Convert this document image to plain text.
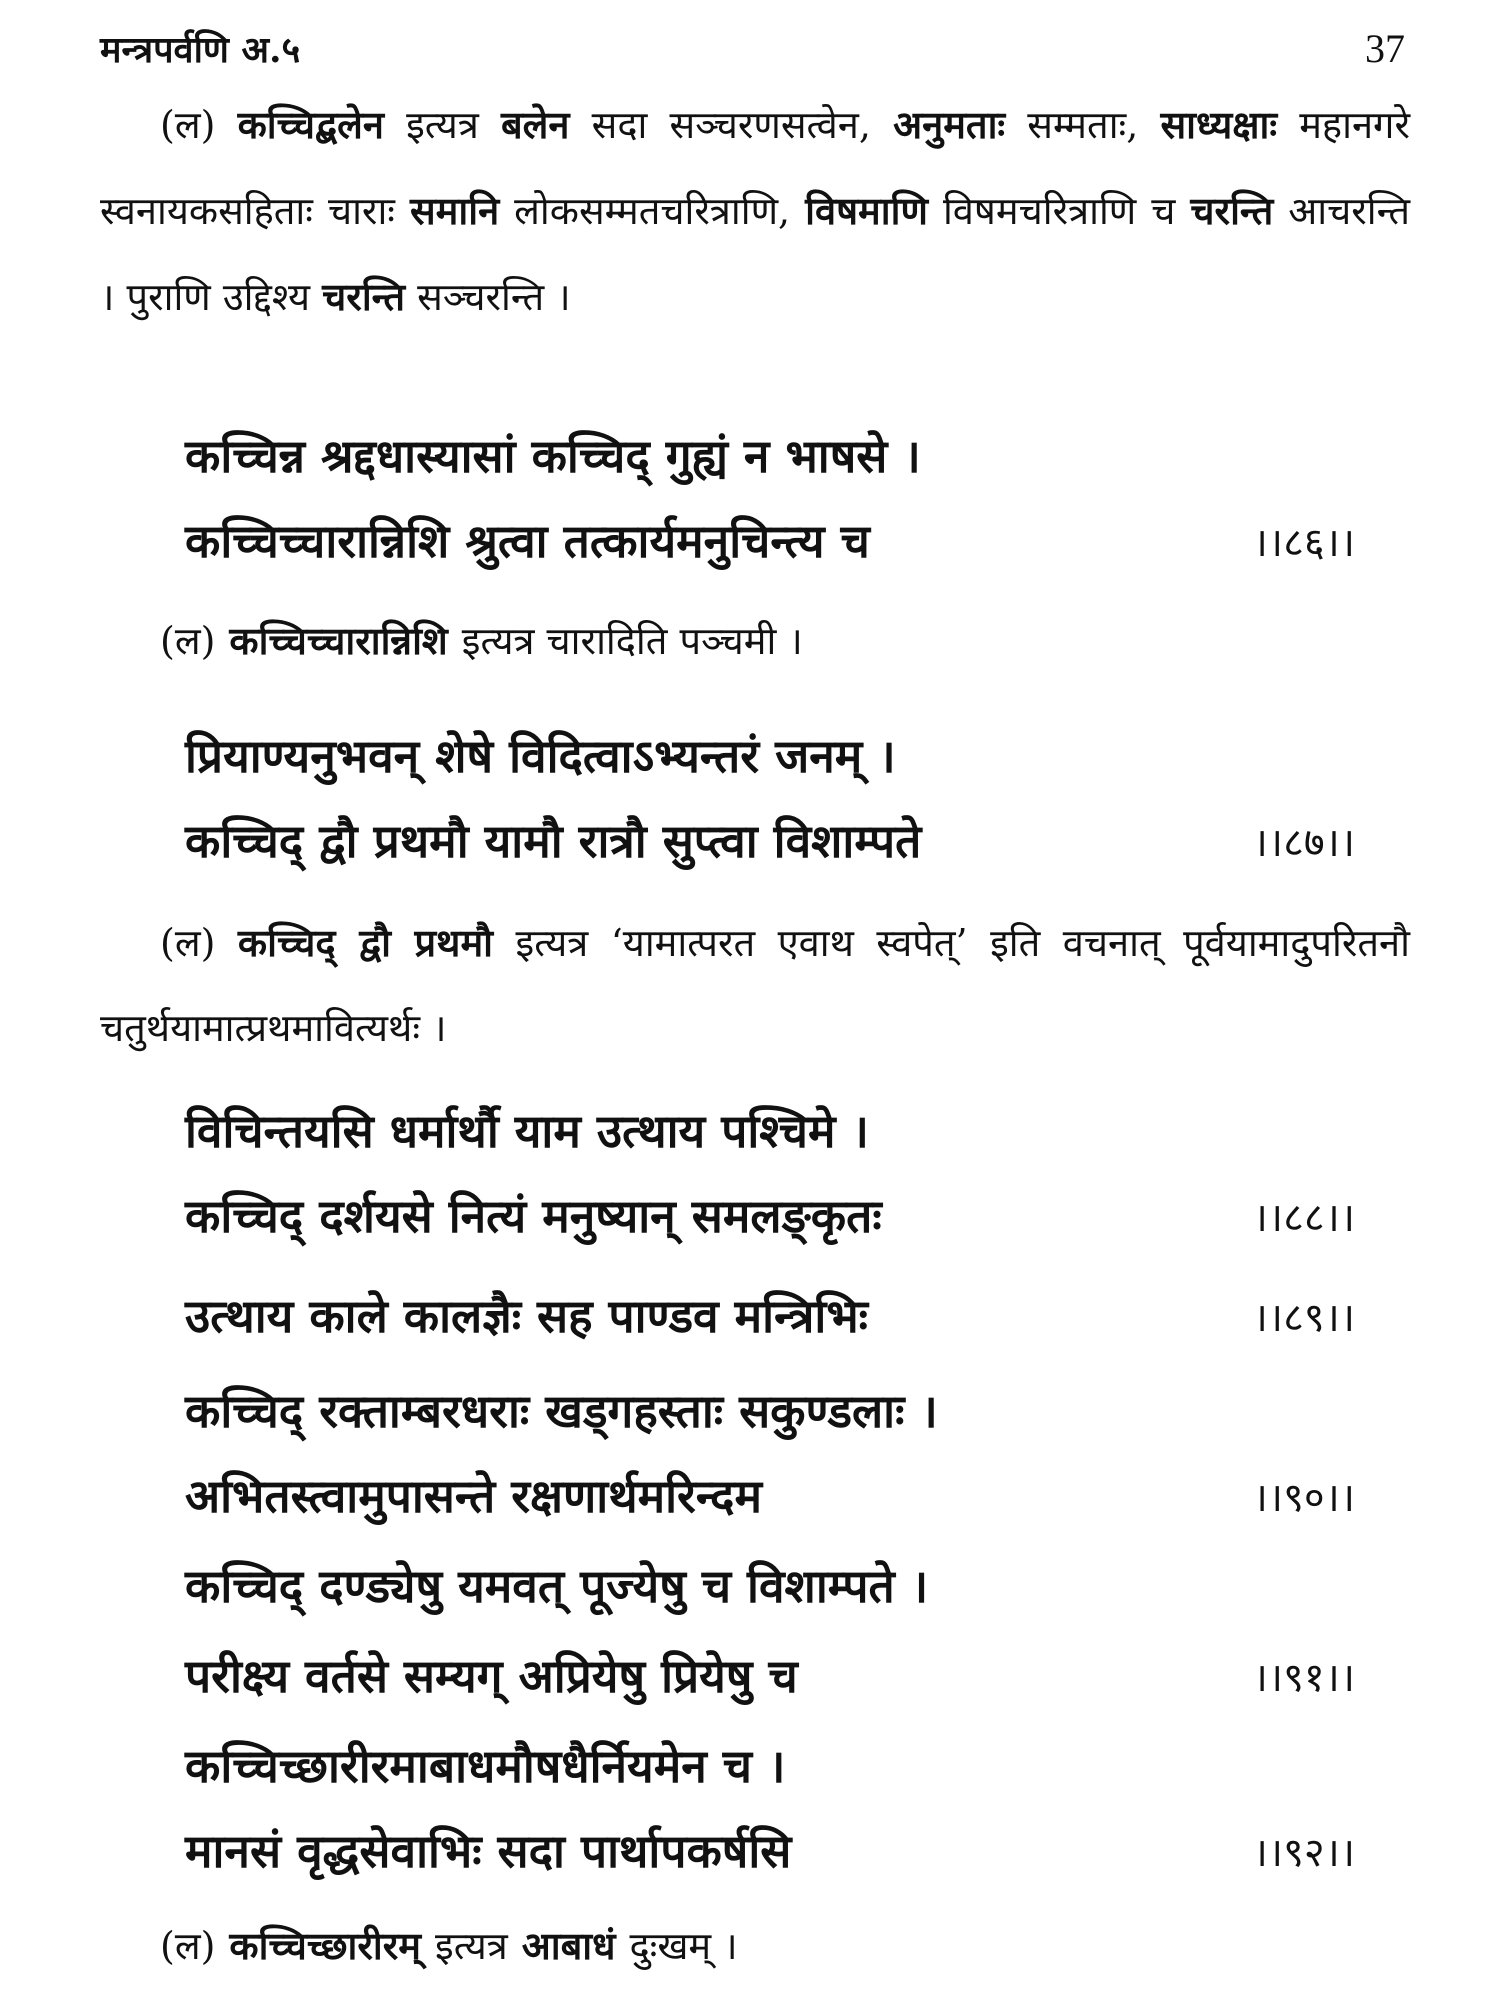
मन्त्रपर्वणि अ.५	37
(ल) कच्चिद्बलेन इत्यत्र बलेन सदा सञ्चरणसत्वेन, अनुमताः सम्मताः, साध्यक्षाः महानगरे स्वनायकसहिताः चाराः समानि लोकसम्मतचरित्राणि, विषमाणि विषमचरित्राणि च चरन्ति आचरन्ति । पुराणि उद्दिश्य चरन्ति सञ्चरन्ति ।
कच्चिन्न श्रद्दधास्यासां कच्चिद् गुह्यं न भाषसे ।
कच्चिच्चारान्निशि श्रुत्वा तत्कार्यमनुचिन्त्य च	।।८६।।
(ल) कच्चिच्चारान्निशि इत्यत्र चारादिति पञ्चमी ।
प्रियाण्यनुभवन् शेषे विदित्वाऽभ्यन्तरं जनम् ।
कच्चिद् द्वौ प्रथमौ यामौ रात्रौ सुप्त्वा विशाम्पते	।।८७।।
(ल) कच्चिद् द्वौ प्रथमौ इत्यत्र ‘यामात्परत एवाथ स्वपेत्’ इति वचनात् पूर्वयामादुपरितनौ चतुर्थयामात्प्रथमावित्यर्थः ।
विचिन्तयसि धर्मार्थौ याम उत्थाय पश्चिमे ।
कच्चिद् दर्शयसे नित्यं मनुष्यान् समलङ्कृतः	।।८८।।
उत्थाय काले कालज्ञैः सह पाण्डव मन्त्रिभिः	।।८९।।
कच्चिद् रक्ताम्बरधराः खड्गहस्ताः सकुण्डलाः ।
अभितस्त्वामुपासन्ते रक्षणार्थमरिन्दम	।।९०।।
कच्चिद् दण्ड्येषु यमवत् पूज्येषु च विशाम्पते ।
परीक्ष्य वर्तसे सम्यग् अप्रियेषु प्रियेषु च	।।९१।।
कच्चिच्छारीरमाबाधमौषधैर्नियमेन च ।
मानसं वृद्धसेवाभिः सदा पार्थापकर्षसि	।।९२।।
(ल) कच्चिच्छारीरम् इत्यत्र आबाधं दुःखम् ।
